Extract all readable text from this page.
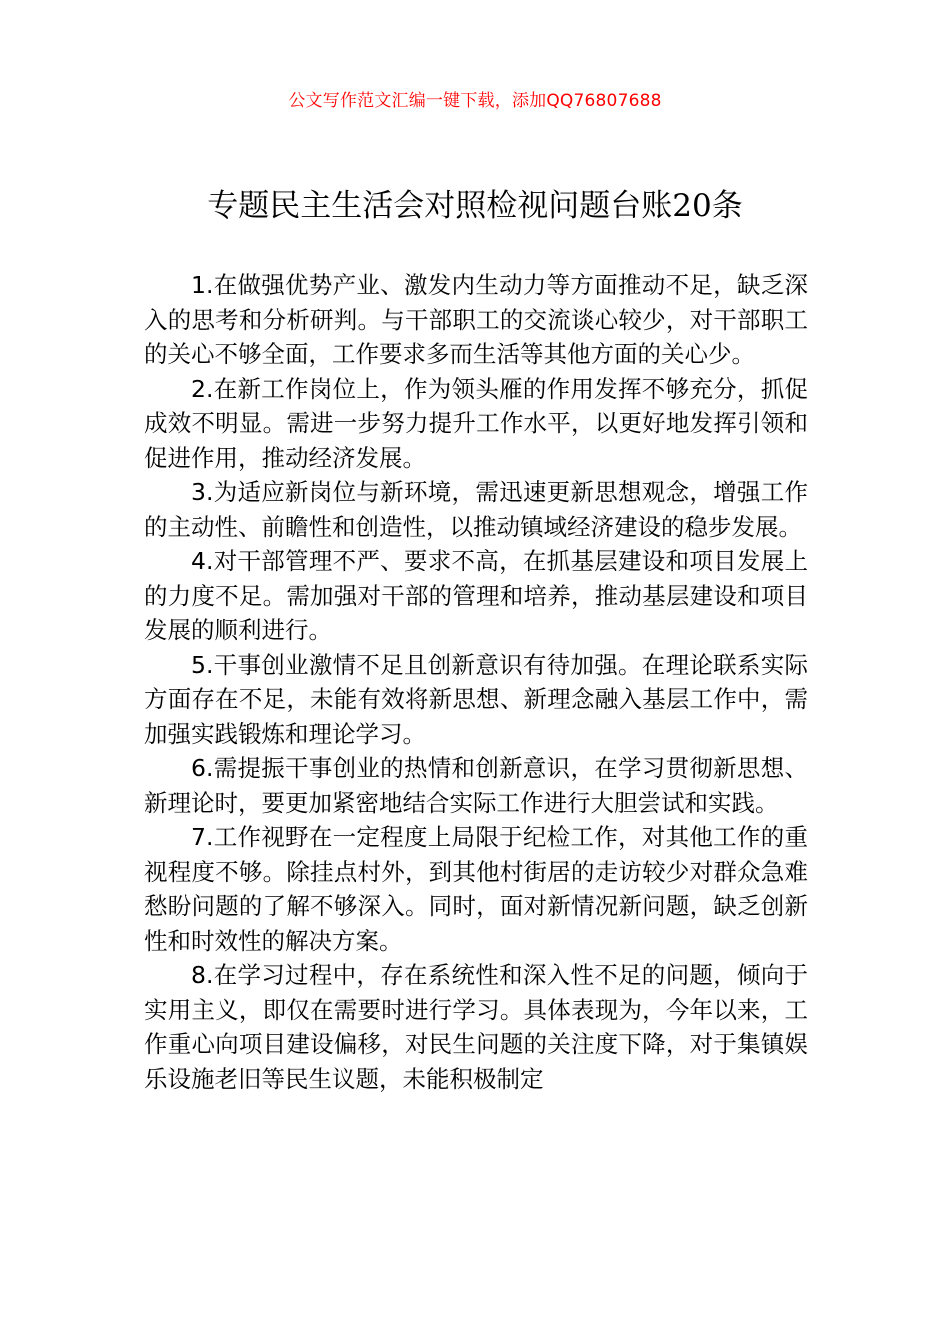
公文写作范文汇编一键下载，添加QQ76807688
专题民主生活会对照检视问题台账20条

1.在做强优势产业、激发内生动力等方面推动不足，缺乏深入的思考和分析研判。与干部职工的交流谈心较少，对干部职工的关心不够全面，工作要求多而生活等其他方面的关心少。

2.在新工作岗位上，作为领头雁的作用发挥不够充分，抓促成效不明显。需进一步努力提升工作水平，以更好地发挥引领和促进作用，推动经济发展。

3.为适应新岗位与新环境，需迅速更新思想观念，增强工作的主动性、前瞻性和创造性，以推动镇域经济建设的稳步发展。

4.对干部管理不严、要求不高，在抓基层建设和项目发展上的力度不足。需加强对干部的管理和培养，推动基层建设和项目发展的顺利进行。

5.干事创业激情不足且创新意识有待加强。在理论联系实际方面存在不足，未能有效将新思想、新理念融入基层工作中，需加强实践锻炼和理论学习。

6.需提振干事创业的热情和创新意识，在学习贯彻新思想、新理论时，要更加紧密地结合实际工作进行大胆尝试和实践。

7.工作视野在一定程度上局限于纪检工作，对其他工作的重视程度不够。除挂点村外，到其他村街居的走访较少对群众急难愁盼问题的了解不够深入。同时，面对新情况新问题，缺乏创新性和时效性的解决方案。

8.在学习过程中，存在系统性和深入性不足的问题，倾向于实用主义，即仅在需要时进行学习。具体表现为，今年以来，工作重心向项目建设偏移，对民生问题的关注度下降，对于集镇娱乐设施老旧等民生议题，未能积极制定
